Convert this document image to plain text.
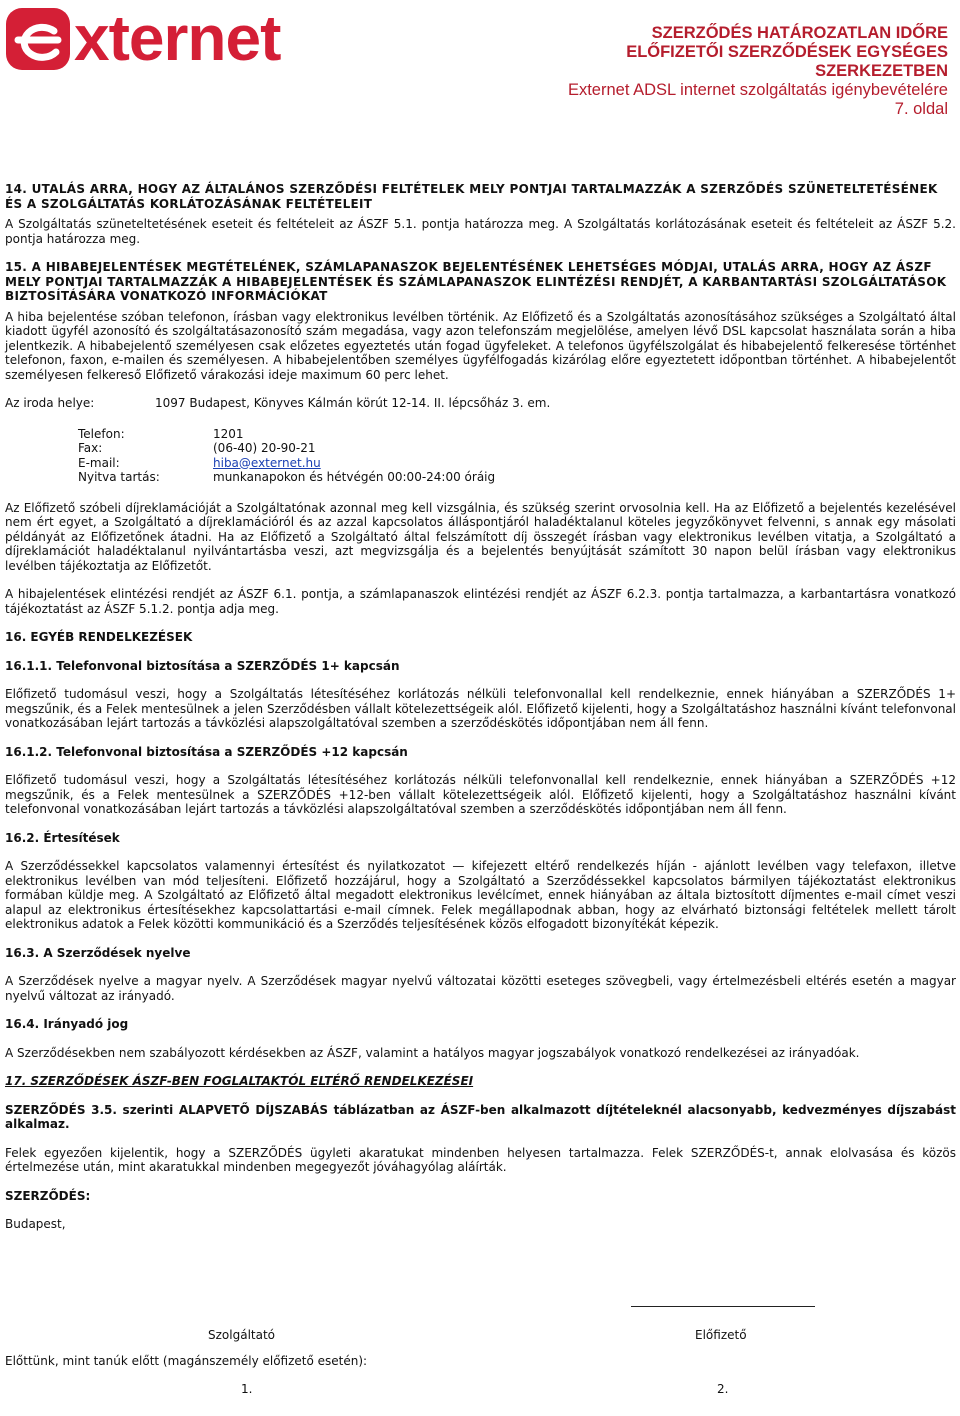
xternet	SZERZŐDÉS HATÁROZATLAN IDŐRE
ELŐFIZETŐI SZERZŐDÉSEK EGYSÉGES
SZERKEZETBEN
Externet ADSL internet szolgáltatás igénybevételére
7. oldal
14. UTALÁS ARRA, HOGY AZ ÁLTALÁNOS SZERZŐDÉSI FELTÉTELEK MELY PONTJAI TARTALMAZZÁK A SZERZŐDÉS SZÜNETELTETÉSÉNEK ÉS A SZOLGÁLTATÁS KORLÁTOZÁSÁNAK FELTÉTELEIT

A Szolgáltatás szüneteltetésének eseteit és feltételeit az ÁSZF 5.1. pontja határozza meg. A Szolgáltatás korlátozásának eseteit és feltételeit az ÁSZF 5.2. pontja határozza meg.

15. A HIBABEJELENTÉSEK MEGTÉTELÉNEK, SZÁMLAPANASZOK BEJELENTÉSÉNEK LEHETSÉGES MÓDJAI, UTALÁS ARRA, HOGY AZ ÁSZF MELY PONTJAI TARTALMAZZÁK A HIBABEJELENTÉSEK ÉS SZÁMLAPANASZOK ELINTÉZÉSI RENDJÉT, A KARBANTARTÁSI SZOLGÁLTATÁSOK BIZTOSÍTÁSÁRA VONATKOZÓ INFORMÁCIÓKAT

A hiba bejelentése szóban telefonon, írásban vagy elektronikus levélben történik. Az Előfizető és a Szolgáltatás azonosításához szükséges a Szolgáltató által kiadott ügyfél azonosító és szolgáltatásazonosító szám megadása, vagy azon telefonszám megjelölése, amelyen lévő DSL kapcsolat használata során a hiba jelentkezik. A hibabejelentő személyesen csak előzetes egyeztetés után fogad ügyfeleket. A telefonos ügyfélszolgálat és hibabejelentő felkeresése történhet telefonon, faxon, e-mailen és személyesen. A hibabejelentőben személyes ügyfélfogadás kizárólag előre egyeztetett időpontban történhet. A hibabejelentőt személyesen felkereső Előfizető várakozási ideje maximum 60 perc lehet.

Az iroda helye:	1097 Budapest, Könyves Kálmán körút 12-14. II. lépcsőház 3. em.
Telefon:	1201
Fax:	(06-40) 20-90-21
E-mail:	hiba@externet.hu
Nyitva tartás:	munkanapokon és hétvégén 00:00-24:00 óráig

Az Előfizető szóbeli díjreklamációját a Szolgáltatónak azonnal meg kell vizsgálnia, és szükség szerint orvosolnia kell. Ha az Előfizető a bejelentés kezelésével nem ért egyet, a Szolgáltató a díjreklamációról és az azzal kapcsolatos álláspontjáról haladéktalanul köteles jegyzőkönyvet felvenni, s annak egy másolati példányát az Előfizetőnek átadni. Ha az Előfizető a Szolgáltató által felszámított díj összegét írásban vagy elektronikus levélben vitatja, a Szolgáltató a díjreklamációt haladéktalanul nyilvántartásba veszi, azt megvizsgálja és a bejelentés benyújtását számított 30 napon belül írásban vagy elektronikus levélben tájékoztatja az Előfizetőt.

A hibajelentések elintézési rendjét az ÁSZF 6.1. pontja, a számlapanaszok elintézési rendjét az ÁSZF 6.2.3. pontja tartalmazza, a karbantartásra vonatkozó tájékoztatást az ÁSZF 5.1.2. pontja adja meg.

16. EGYÉB RENDELKEZÉSEK
16.1.1. Telefonvonal biztosítása a SZERZŐDÉS 1+ kapcsán

Előfizető tudomásul veszi, hogy a Szolgáltatás létesítéséhez korlátozás nélküli telefonvonallal kell rendelkeznie, ennek hiányában a SZERZŐDÉS 1+ megszűnik, és a Felek mentesülnek a jelen Szerződésben vállalt kötelezettségeik alól. Előfizető kijelenti, hogy a Szolgáltatáshoz használni kívánt telefonvonal vonatkozásában lejárt tartozás a távközlési alapszolgáltatóval szemben a szerződéskötés időpontjában nem áll fenn.

16.1.2. Telefonvonal biztosítása a SZERZŐDÉS +12 kapcsán

Előfizető tudomásul veszi, hogy a Szolgáltatás létesítéséhez korlátozás nélküli telefonvonallal kell rendelkeznie, ennek hiányában a SZERZŐDÉS +12 megszűnik, és a Felek mentesülnek a SZERZŐDÉS +12-ben vállalt kötelezettségeik alól. Előfizető kijelenti, hogy a Szolgáltatáshoz használni kívánt telefonvonal vonatkozásában lejárt tartozás a távközlési alapszolgáltatóval szemben a szerződéskötés időpontjában nem áll fenn.

16.2. Értesítések

A Szerződéssekkel kapcsolatos valamennyi értesítést és nyilatkozatot — kifejezett eltérő rendelkezés híján - ajánlott levélben vagy telefaxon, illetve elektronikus levélben van mód teljesíteni. Előfizető hozzájárul, hogy a Szolgáltató a Szerződéssekkel kapcsolatos bármilyen tájékoztatást elektronikus formában küldje meg. A Szolgáltató az Előfizető által megadott elektronikus levélcímet, ennek hiányában az általa biztosított díjmentes e-mail címet veszi alapul az elektronikus értesítésekhez kapcsolattartási e-mail címnek. Felek megállapodnak abban, hogy az elvárható biztonsági feltételek mellett tárolt elektronikus adatok a Felek közötti kommunikáció és a Szerződés teljesítésének közös elfogadott bizonyítékát képezik.

16.3. A Szerződések nyelve

A Szerződések nyelve a magyar nyelv. A Szerződések magyar nyelvű változatai közötti eseteges szövegbeli, vagy értelmezésbeli eltérés esetén a magyar nyelvű változat az irányadó.

16.4. Irányadó jog

A Szerződésekben nem szabályozott kérdésekben az ÁSZF, valamint a hatályos magyar jogszabályok vonatkozó rendelkezései az irányadóak.

17. SZERZŐDÉSEK ÁSZF-BEN FOGLALTAKTÓL ELTÉRŐ RENDELKEZÉSEI

SZERZŐDÉS 3.5. szerinti ALAPVETŐ DÍJSZABÁS táblázatban az ÁSZF-ben alkalmazott díjtételeknél alacsonyabb, kedvezményes díjszabást alkalmaz.

Felek egyezően kijelentik, hogy a SZERZŐDÉS ügyleti akaratukat mindenben helyesen tartalmazza. Felek SZERZŐDÉS-t, annak elolvasása és közös értelmezése után, mint akaratukkal mindenben megegyezőt jóváhagyólag aláírták.

SZERZŐDÉS:
Budapest,
Szolgáltató	Előfizető
Előttünk, mint tanúk előtt (magánszemély előfizető esetén):
1.	2.
